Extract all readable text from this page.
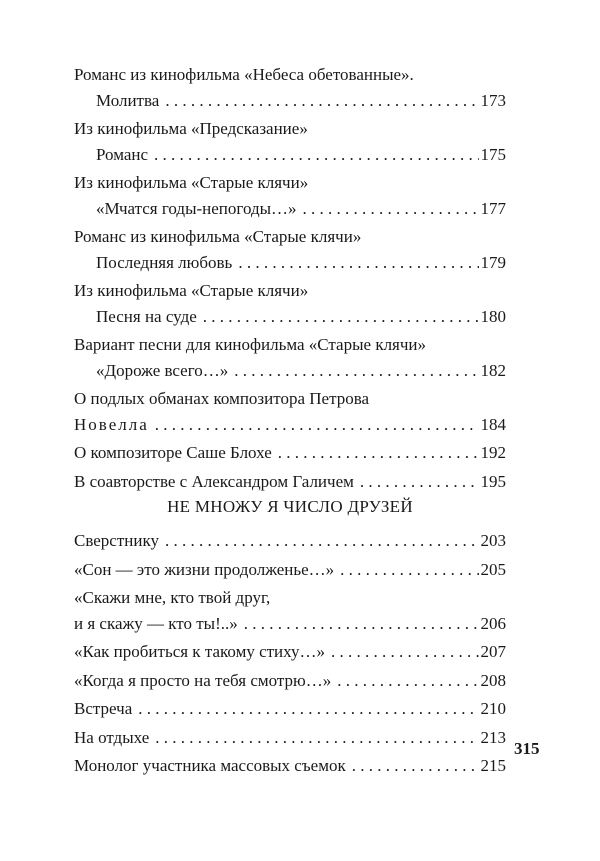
Романс из кинофильма «Небеса обетованные».
Молитва . . .	173
Из кинофильма «Предсказание»
Романс . . .	175
Из кинофильма «Старые клячи»
«Мчатся годы-непогоды…» . . .	177
Романс из кинофильма «Старые клячи»
Последняя любовь . . .	179
Из кинофильма «Старые клячи»
Песня на суде . . .	180
Вариант песни для кинофильма «Старые клячи»
«Дороже всего…» . . .	182
О подлых обманах композитора Петрова
Новелла . . .	184
О композиторе Саше Блохе . . .	192
В соавторстве с Александром Галичем . . .	195
НЕ МНОЖУ Я ЧИСЛО ДРУЗЕЙ
Сверстнику . . .	203
«Сон — это жизни продолженье…» . . .	205
«Скажи мне, кто твой друг,
и я скажу — кто ты!..» . . .	206
«Как пробиться к такому стиху…» . . .	207
«Когда я просто на тебя смотрю…» . . .	208
Встреча . . .	210
На отдыхе . . .	213
Монолог участника массовых съемок . . .	215
315
